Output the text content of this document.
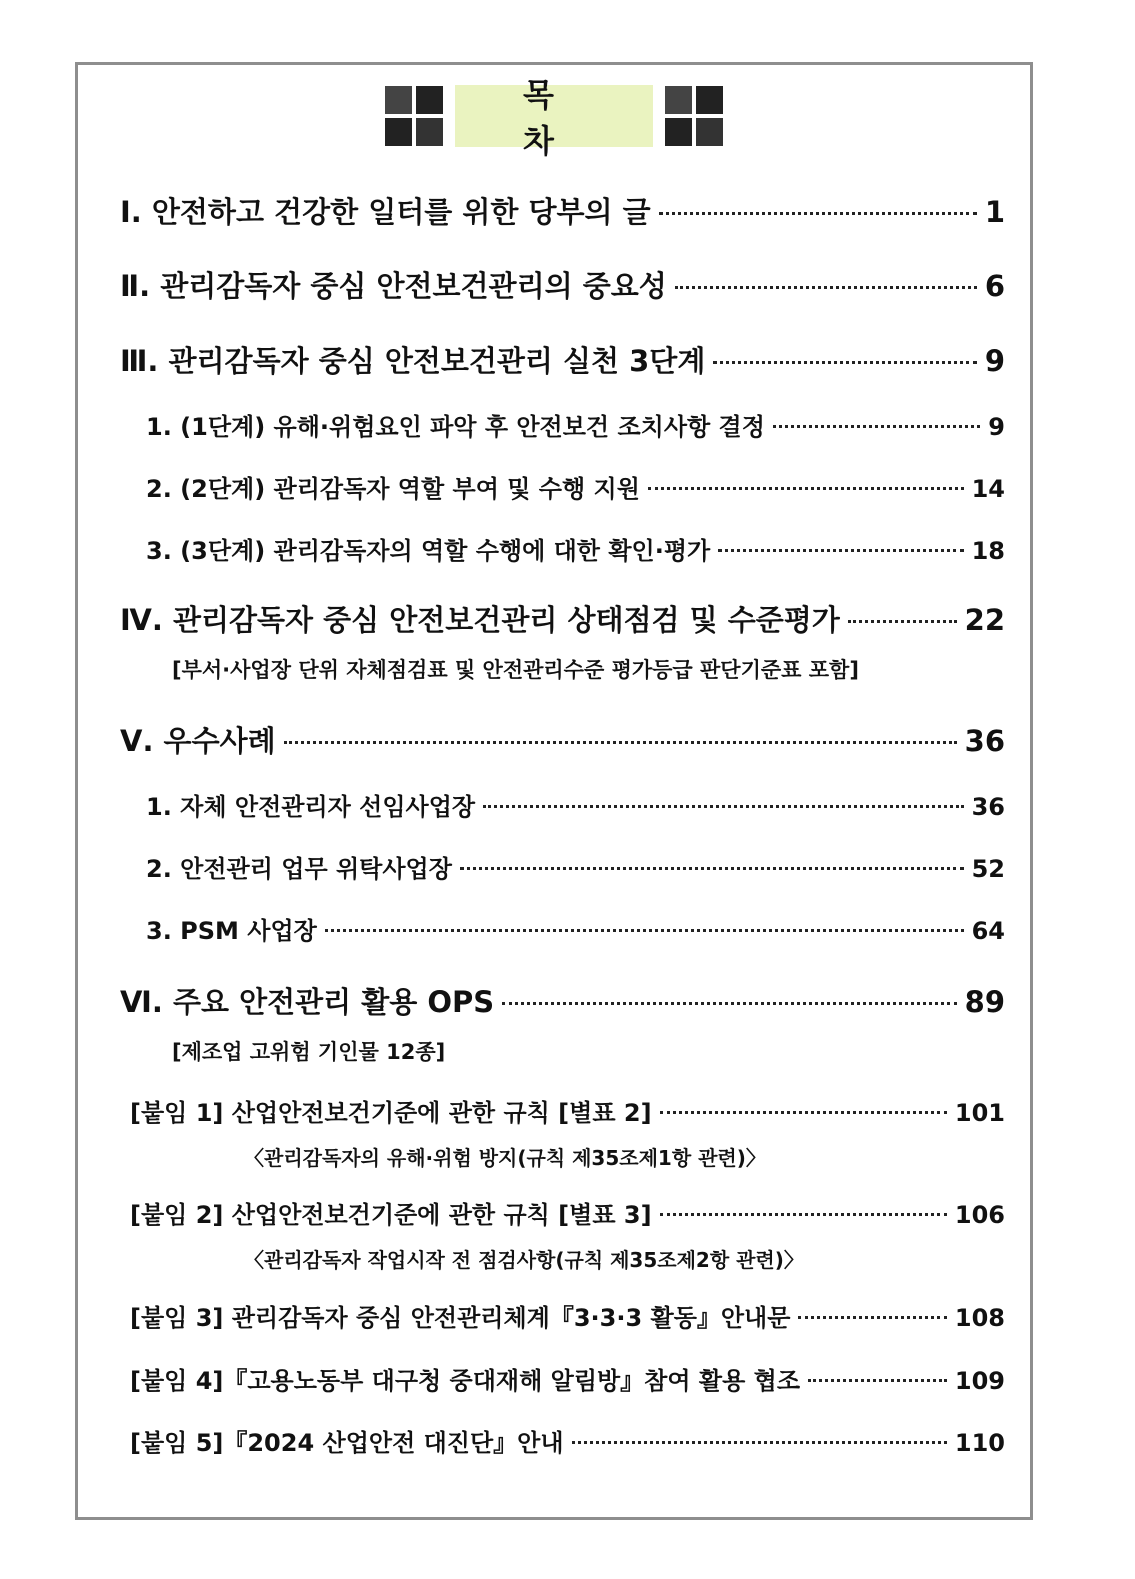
목 차
Ⅰ. 안전하고 건강한 일터를 위한 당부의 글	1
Ⅱ. 관리감독자 중심 안전보건관리의 중요성	6
Ⅲ. 관리감독자 중심 안전보건관리 실천 3단계	9
1. (1단계) 유해·위험요인 파악 후 안전보건 조치사항 결정	9
2. (2단계) 관리감독자 역할 부여 및 수행 지원	14
3. (3단계) 관리감독자의 역할 수행에 대한 확인·평가	18
Ⅳ. 관리감독자 중심 안전보건관리 상태점검 및 수준평가	22
[부서·사업장 단위 자체점검표 및 안전관리수준 평가등급 판단기준표 포함]
Ⅴ. 우수사례	36
1. 자체 안전관리자 선임사업장	36
2. 안전관리 업무 위탁사업장	52
3. PSM 사업장	64
Ⅵ. 주요 안전관리 활용 OPS	89
[제조업 고위험 기인물 12종]
[붙임 1] 산업안전보건기준에 관한 규칙 [별표 2]	101
〈관리감독자의 유해·위험 방지(규칙 제35조제1항 관련)〉
[붙임 2] 산업안전보건기준에 관한 규칙 [별표 3]	106
〈관리감독자 작업시작 전 점검사항(규칙 제35조제2항 관련)〉
[붙임 3] 관리감독자 중심 안전관리체계『3·3·3 활동』안내문	108
[붙임 4]『고용노동부 대구청 중대재해 알림방』참여 활용 협조	109
[붙임 5]『2024 산업안전 대진단』안내	110
